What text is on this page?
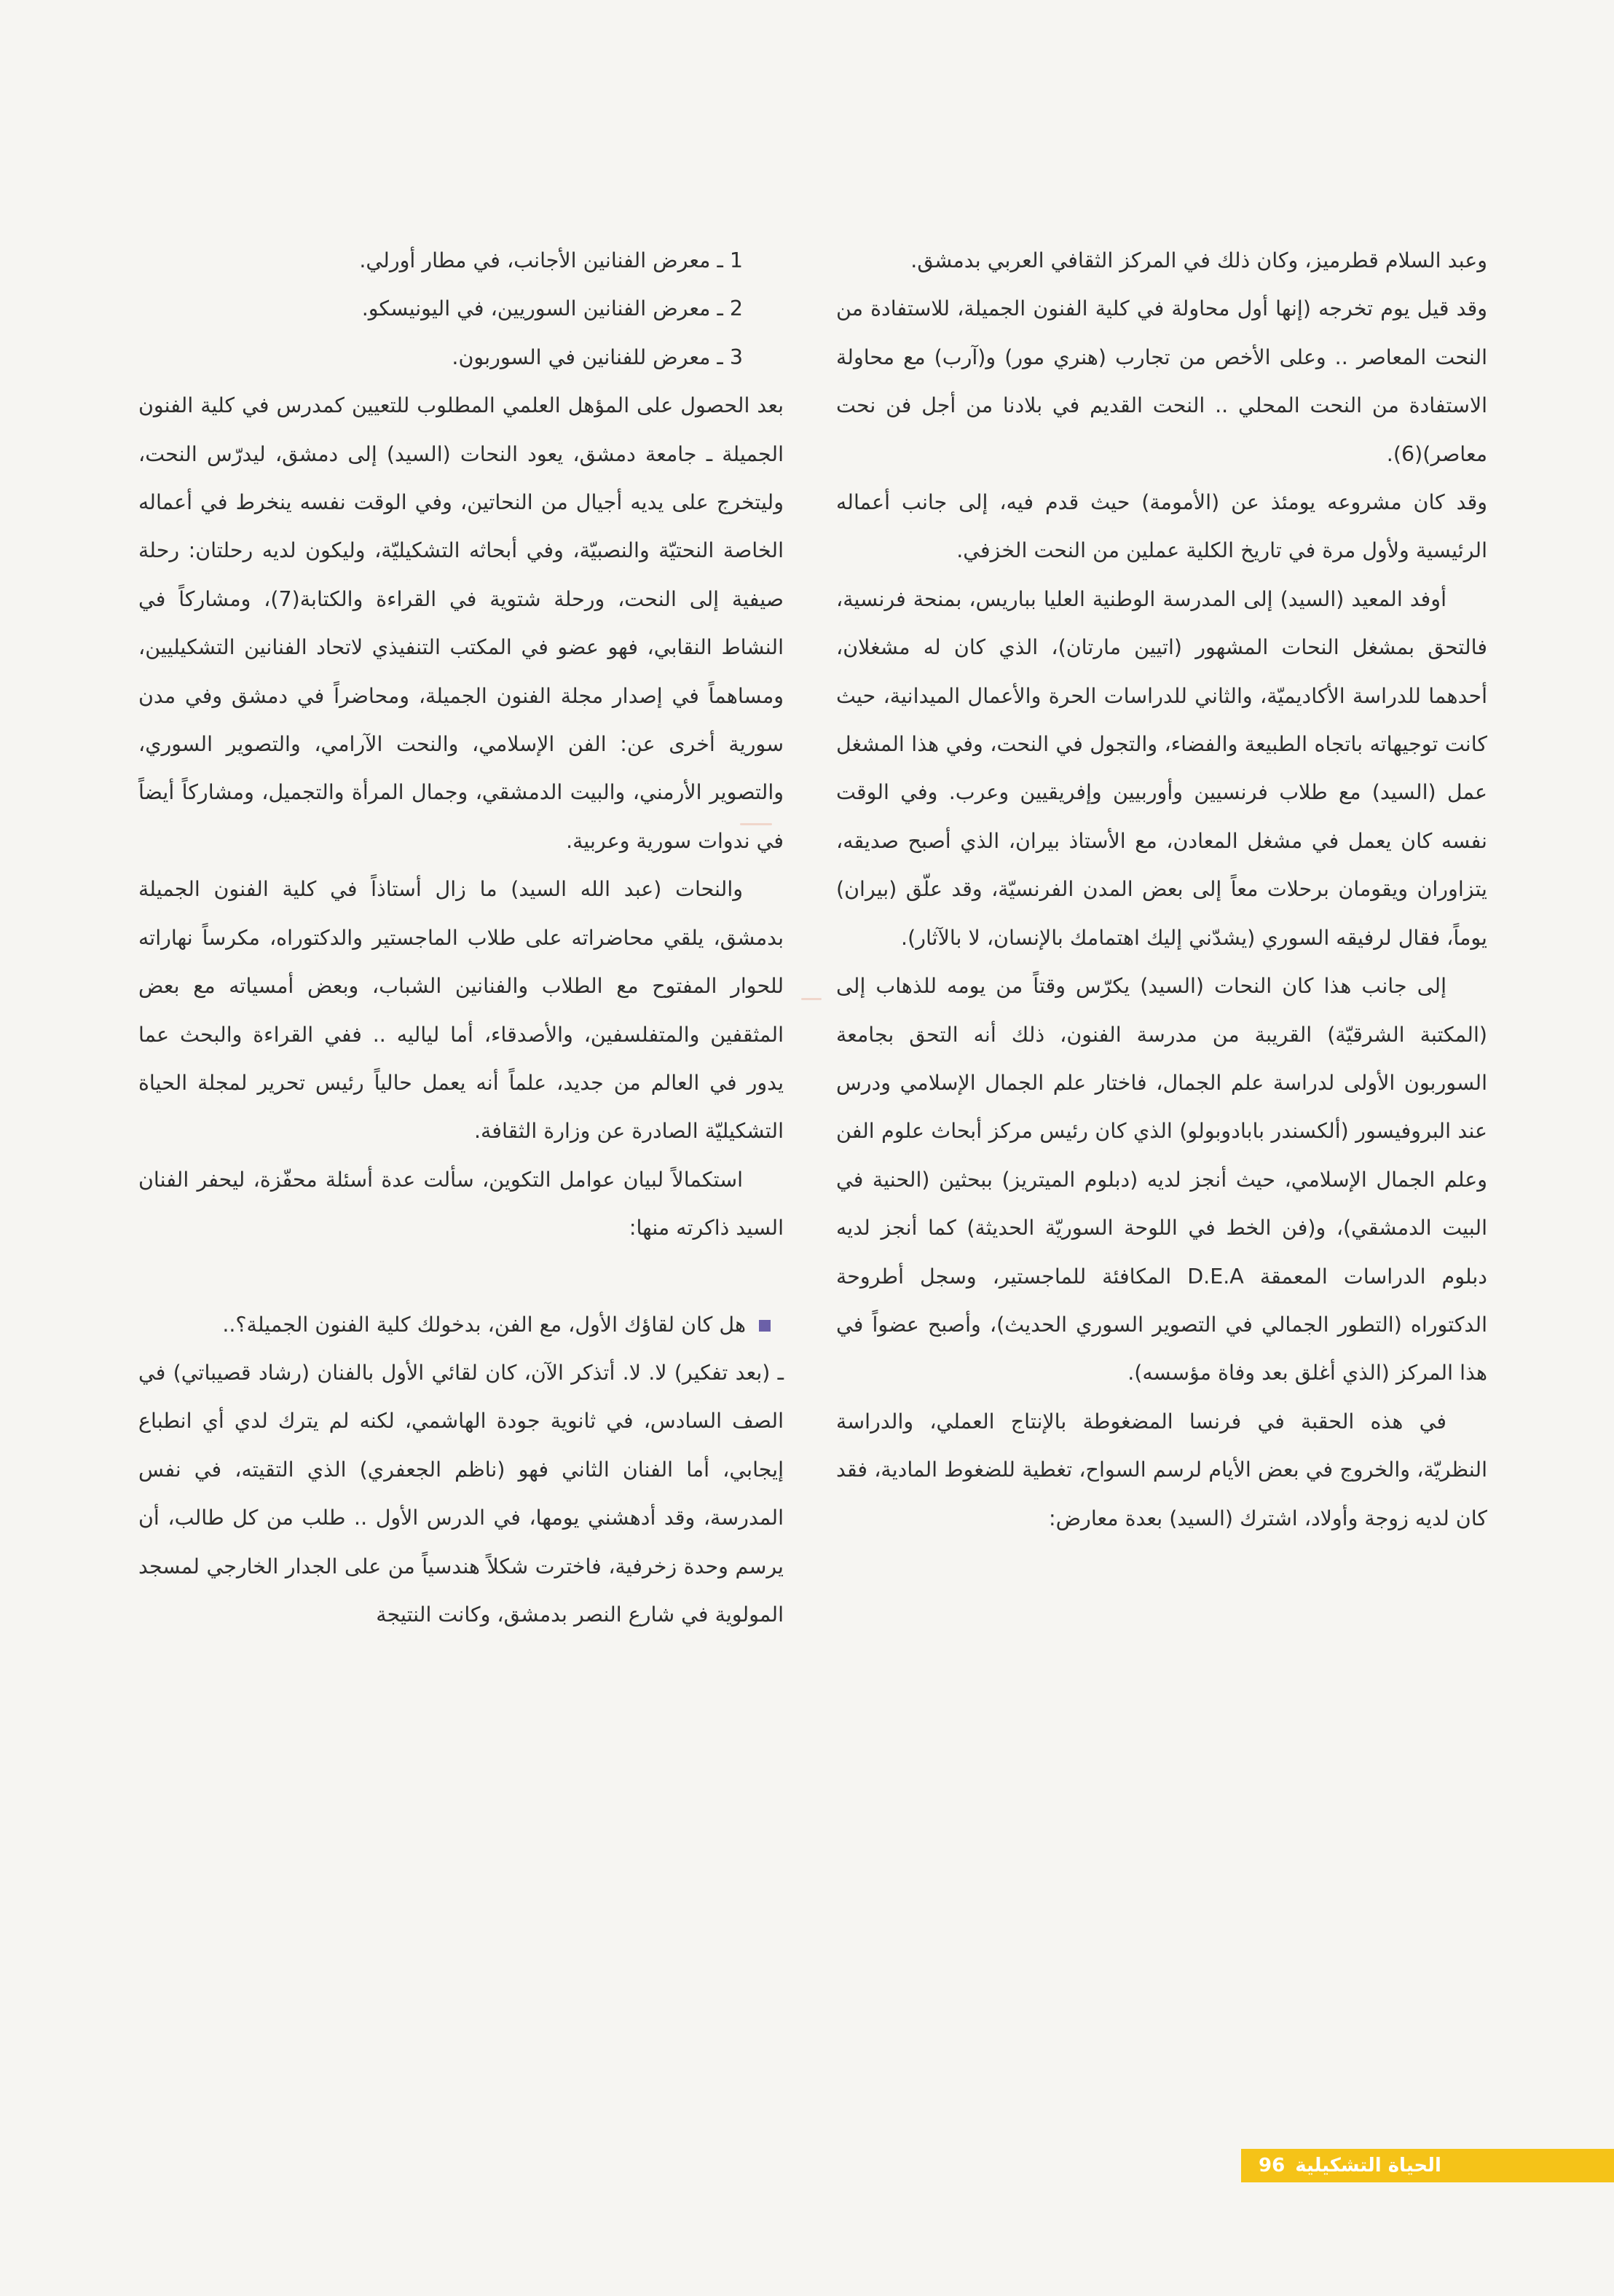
وعبد السلام قطرميز، وكان ذلك في المركز الثقافي العربي بدمشق.

وقد قيل يوم تخرجه (إنها أول محاولة في كلية الفنون الجميلة، للاستفادة من النحت المعاصر .. وعلى الأخص من تجارب (هنري مور) و(آرب) مع محاولة الاستفادة من النحت المحلي .. النحت القديم في بلادنا من أجل فن نحت معاصر)(6).

وقد كان مشروعه يومئذ عن (الأمومة) حيث قدم فيه، إلى جانب أعماله الرئيسية ولأول مرة في تاريخ الكلية عملين من النحت الخزفي.

أوفد المعيد (السيد) إلى المدرسة الوطنية العليا بباريس، بمنحة فرنسية، فالتحق بمشغل النحات المشهور (اتيين مارتان)، الذي كان له مشغلان، أحدهما للدراسة الأكاديميّة، والثاني للدراسات الحرة والأعمال الميدانية، حيث كانت توجيهاته باتجاه الطبيعة والفضاء، والتجول في النحت، وفي هذا المشغل عمل (السيد) مع طلاب فرنسيين وأوربيين وإفريقيين وعرب. وفي الوقت نفسه كان يعمل في مشغل المعادن، مع الأستاذ بيران، الذي أصبح صديقه، يتزاوران ويقومان برحلات معاً إلى بعض المدن الفرنسيّة، وقد علّق (بيران) يوماً، فقال لرفيقه السوري (يشدّني إليك اهتمامك بالإنسان، لا بالآثار).

إلى جانب هذا كان النحات (السيد) يكرّس وقتاً من يومه للذهاب إلى (المكتبة الشرقيّة) القريبة من مدرسة الفنون، ذلك أنه التحق بجامعة السوربون الأولى لدراسة علم الجمال، فاختار علم الجمال الإسلامي ودرس عند البروفيسور (ألكسندر بابادوبولو) الذي كان رئيس مركز أبحاث علوم الفن وعلم الجمال الإسلامي، حيث أنجز لديه (دبلوم الميتريز) ببحثين (الحنية في البيت الدمشقي)، و(فن الخط في اللوحة السوريّة الحديثة) كما أنجز لديه دبلوم الدراسات المعمقة D.E.A المكافئة للماجستير، وسجل أطروحة الدكتوراه (التطور الجمالي في التصوير السوري الحديث)، وأصبح عضواً في هذا المركز (الذي أغلق بعد وفاة مؤسسه).

في هذه الحقبة في فرنسا المضغوطة بالإنتاج العملي، والدراسة النظريّة، والخروج في بعض الأيام لرسم السواح، تغطية للضغوط المادية، فقد كان لديه زوجة وأولاد، اشترك (السيد) بعدة معارض:

1 ـ معرض الفنانين الأجانب، في مطار أورلي.
2 ـ معرض الفنانين السوريين، في اليونيسكو.
3 ـ معرض للفنانين في السوربون.

بعد الحصول على المؤهل العلمي المطلوب للتعيين كمدرس في كلية الفنون الجميلة ـ جامعة دمشق، يعود النحات (السيد) إلى دمشق، ليدرّس النحت، وليتخرج على يديه أجيال من النحاتين، وفي الوقت نفسه ينخرط في أعماله الخاصة النحتيّة والنصبيّة، وفي أبحاثه التشكيليّة، وليكون لديه رحلتان: رحلة صيفية إلى النحت، ورحلة شتوية في القراءة والكتابة(7)، ومشاركاً في النشاط النقابي، فهو عضو في المكتب التنفيذي لاتحاد الفنانين التشكيليين، ومساهماً في إصدار مجلة الفنون الجميلة، ومحاضراً في دمشق وفي مدن سورية أخرى عن: الفن الإسلامي، والنحت الآرامي، والتصوير السوري، والتصوير الأرمني، والبيت الدمشقي، وجمال المرأة والتجميل، ومشاركاً أيضاً في ندوات سورية وعربية.

والنحات (عبد الله السيد) ما زال أستاذاً في كلية الفنون الجميلة بدمشق، يلقي محاضراته على طلاب الماجستير والدكتوراه، مكرساً نهاراته للحوار المفتوح مع الطلاب والفنانين الشباب، وبعض أمسياته مع بعض المثقفين والمتفلسفين، والأصدقاء، أما لياليه .. ففي القراءة والبحث عما يدور في العالم من جديد، علماً أنه يعمل حالياً رئيس تحرير لمجلة الحياة التشكيليّة الصادرة عن وزارة الثقافة.

استكمالاً لبيان عوامل التكوين، سألت عدة أسئلة محفّزة، ليحفر الفنان السيد ذاكرته منها:

هل كان لقاؤك الأول، مع الفن، بدخولك كلية الفنون الجميلة؟..

ـ (بعد تفكير) لا. لا. أتذكر الآن، كان لقائي الأول بالفنان (رشاد قصيباتي) في الصف السادس، في ثانوية جودة الهاشمي، لكنه لم يترك لدي أي انطباع إيجابي، أما الفنان الثاني فهو (ناظم الجعفري) الذي التقيته، في نفس المدرسة، وقد أدهشني يومها، في الدرس الأول .. طلب من كل طالب، أن يرسم وحدة زخرفية، فاخترت شكلاً هندسياً من على الجدار الخارجي لمسجد المولوية في شارع النصر بدمشق، وكانت النتيجة

96 الحياة التشكيلية
